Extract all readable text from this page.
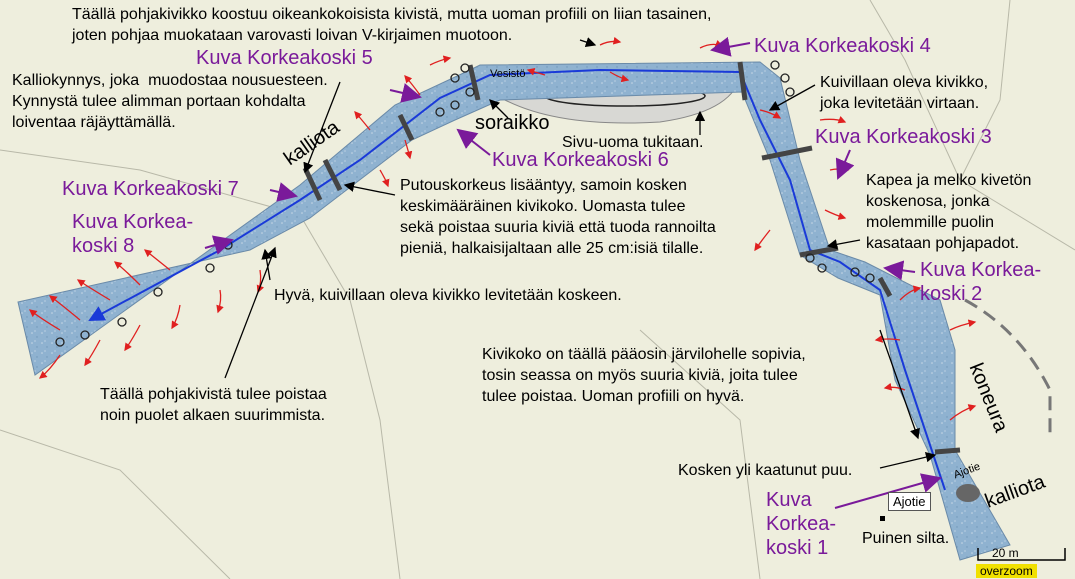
Täällä pohjakivikko koostuu oikeankokoisista kivistä, mutta uoman profiili on liian tasainen,
joten pohjaa muokataan varovasti loivan V-kirjaimen muotoon.
Kalliokynnys, joka  muodostaa nousuesteen.
Kynnystä tulee alimman portaan kohdalta
loiventaa räjäyttämällä.
Kuivillaan oleva kivikko,
joka levitetään virtaan.
Sivu-uoma tukitaan.
Kapea ja melko kivetön
koskenosa, jonka
molemmille puolin
kasataan pohjapadot.
Putouskorkeus lisääntyy, samoin kosken
keskimääräinen kivikoko. Uomasta tulee
sekä poistaa suuria kiviä että tuoda rannoilta
pieniä, halkaisijaltaan alle 25 cm:isiä tilalle.
Hyvä, kuivillaan oleva kivikko levitetään koskeen.
Kivikoko on täällä pääosin järvilohelle sopivia,
tosin seassa on myös suuria kiviä, joita tulee
tulee poistaa. Uoman profiili on hyvä.
Täällä pohjakivistä tulee poistaa
noin puolet alkaen suurimmista.
Kosken yli kaatunut puu.
Puinen silta.
Kuva
Korkea-
koski 1
Kuva Korkea-
koski 2
Kuva Korkeakoski 3
Kuva Korkeakoski 4
Kuva Korkeakoski 5
Kuva Korkeakoski 6
Kuva Korkeakoski 7
Kuva Korkea-
koski 8
soraikko
kalliota
kalliota
koneura
Vesistö
Ajotie
Ajotie
20 m
overzoom
